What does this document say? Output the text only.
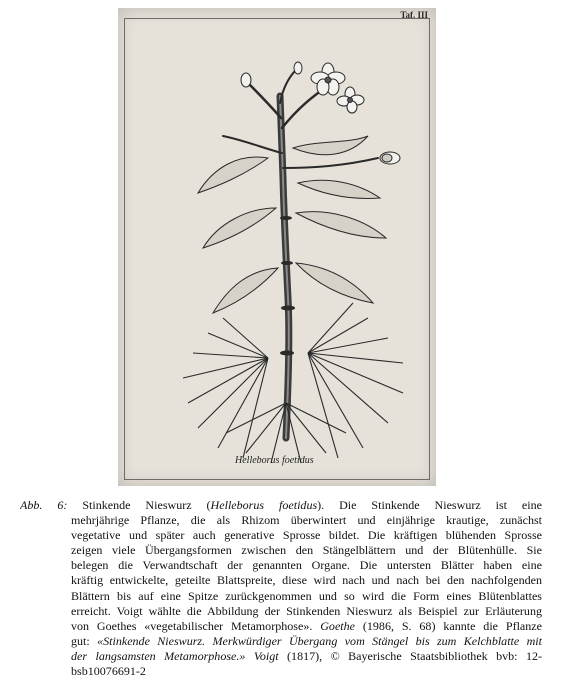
Taf. III
Helleborus foetidus
Abb. 6: Stinkende Nieswurz (Helleborus foetidus). Die Stinkende Nieswurz ist eine
mehrjährige Pflanze, die als Rhizom überwintert und einjährige krautige, zunächst
vegetative und später auch generative Sprosse bildet. Die kräftigen blühenden Sprosse
zeigen viele Übergangsformen zwischen den Stängelblättern und der Blütenhülle. Sie
belegen die Verwandtschaft der genannten Organe. Die untersten Blätter haben eine
kräftig entwickelte, geteilte Blattspreite, diese wird nach und nach bei den nachfolgenden
Blättern bis auf eine Spitze zurückgenommen und so wird die Form eines Blütenblattes
erreicht. Voigt wählte die Abbildung der Stinkenden Nieswurz als Beispiel zur Erläuterung
von Goethes «vegetabilischer Metamorphose». Goethe (1986, S. 68) kannte die Pflanze
gut: «Stinkende Nieswurz. Merkwürdiger Übergang vom Stängel bis zum Kelchblatte mit
der langsamsten Metamorphose.» Voigt (1817), © Bayerische Staatsbibliothek bvb: 12-
bsb10076691-2
